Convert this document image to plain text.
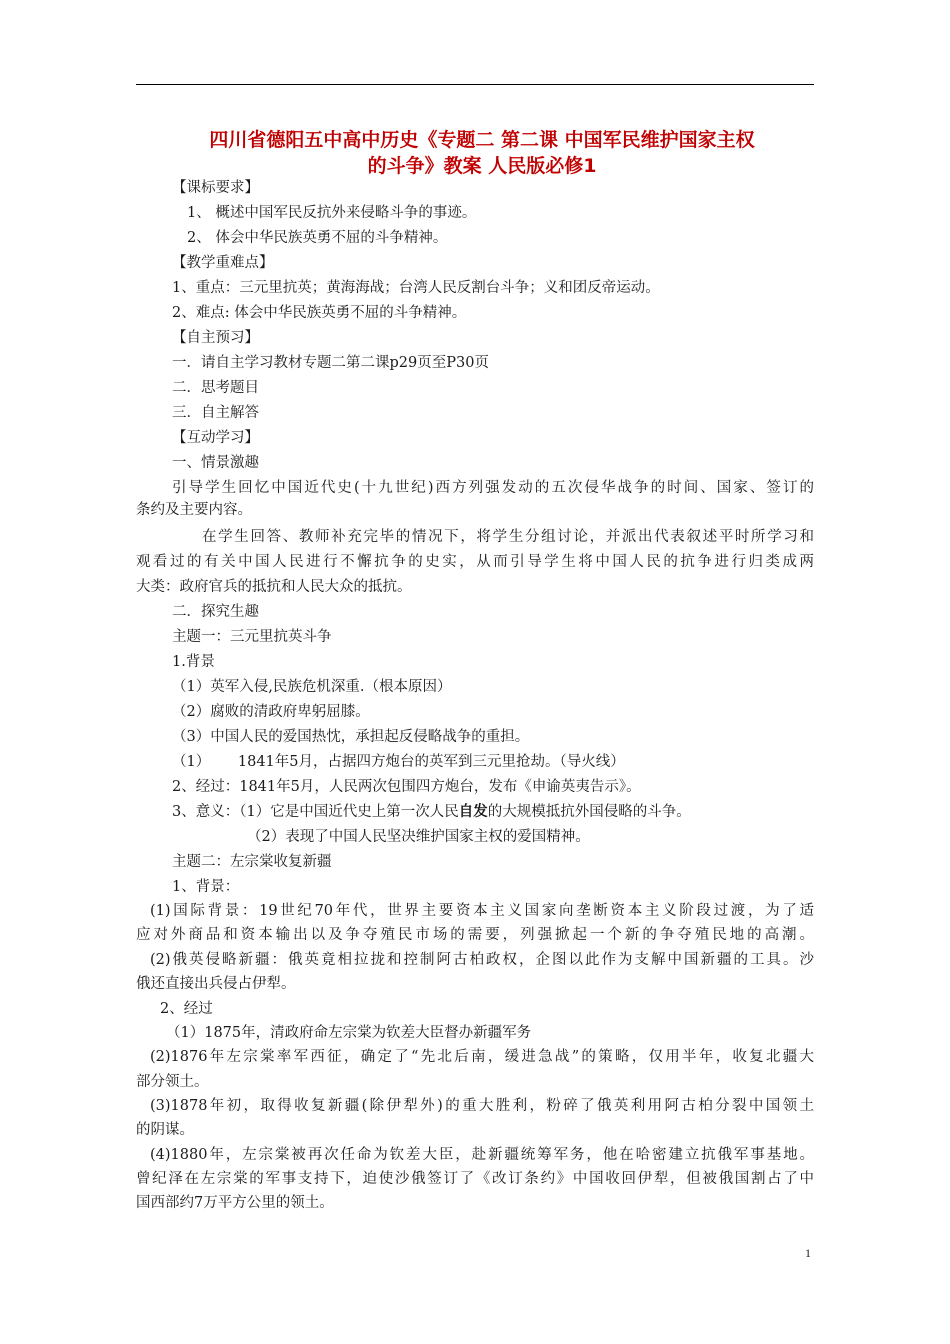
四川省德阳五中高中历史《专题二 第二课 中国军民维护国家主权
的斗争》教案 人民版必修1
【课标要求】
1、 概述中国军民反抗外来侵略斗争的事迹。
2、 体会中华民族英勇不屈的斗争精神。
【教学重难点】
1、重点：三元里抗英；黄海海战；台湾人民反割台斗争；义和团反帝运动。
2、难点: 体会中华民族英勇不屈的斗争精神。
【自主预习】
一．请自主学习教材专题二第二课p29页至P30页
二．思考题目
三．自主解答
【互动学习】
一、情景激趣
引导学生回忆中国近代史(十九世纪)西方列强发动的五次侵华战争的时间、国家、签订的
条约及主要内容。
在学生回答、教师补充完毕的情况下，将学生分组讨论，并派出代表叙述平时所学习和
观看过的有关中国人民进行不懈抗争的史实，从而引导学生将中国人民的抗争进行归类成两
大类：政府官兵的抵抗和人民大众的抵抗。
二．探究生趣
主题一：三元里抗英斗争
1.背景
（1）英军入侵,民族危机深重.（根本原因）
（2）腐败的清政府卑躬屈膝。
（3）中国人民的爱国热忱，承担起反侵略战争的重担。
（1）      1841年5月，占据四方炮台的英军到三元里抢劫。（导火线）
2、经过：1841年5月，人民两次包围四方炮台，发布《申谕英夷告示》。
3、意义：（1）它是中国近代史上第一次人民自发的大规模抵抗外国侵略的斗争。
（2）表现了中国人民坚决维护国家主权的爱国精神。
主题二：左宗棠收复新疆
1、背景：
(1)国际背景：19世纪70年代，世界主要资本主义国家向垄断资本主义阶段过渡，为了适
应对外商品和资本输出以及争夺殖民市场的需要，列强掀起一个新的争夺殖民地的高潮。
(2)俄英侵略新疆：俄英竟相拉拢和控制阿古柏政权，企图以此作为支解中国新疆的工具。沙
俄还直接出兵侵占伊犁。
2、经过
（1）1875年，清政府命左宗棠为钦差大臣督办新疆军务
(2)1876年左宗棠率军西征，确定了“先北后南，缓进急战”的策略，仅用半年，收复北疆大
部分领土。
(3)1878年初，取得收复新疆(除伊犁外)的重大胜利，粉碎了俄英利用阿古柏分裂中国领土
的阴谋。
(4)1880年，左宗棠被再次任命为钦差大臣，赴新疆统筹军务，他在哈密建立抗俄军事基地。
曾纪泽在左宗棠的军事支持下，迫使沙俄签订了《改订条约》中国收回伊犁，但被俄国割占了中
国西部约7万平方公里的领土。
1
